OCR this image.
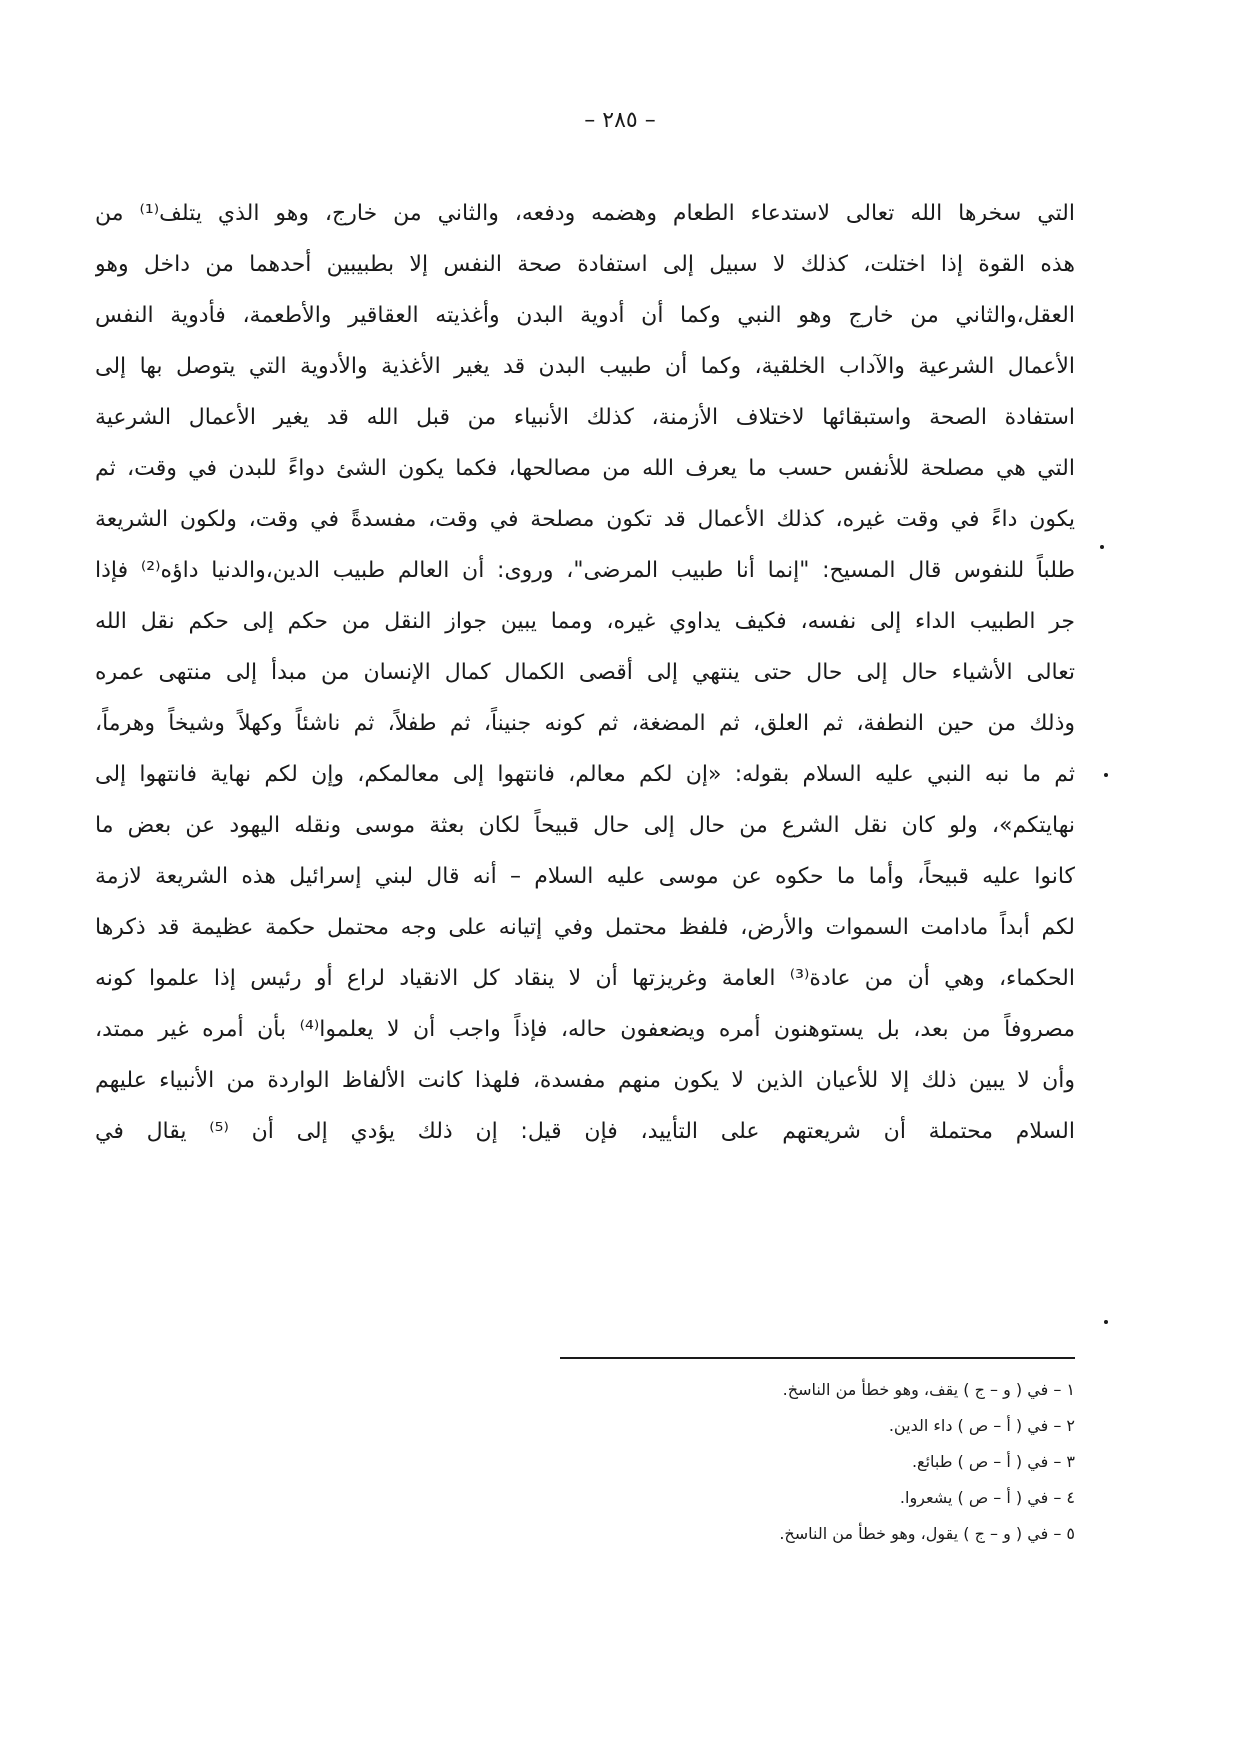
– ٢٨٥ –
التي سخرها الله تعالى لاستدعاء الطعام وهضمه ودفعه، والثاني من خارج، وهو الذي يتلف⁽¹⁾ من
هذه القوة إذا اختلت، كذلك لا سبيل إلى استفادة صحة النفس إلا بطبيبين أحدهما من داخل وهو
العقل،والثاني من خارج وهو النبي وكما أن أدوية البدن وأغذيته العقاقير والأطعمة، فأدوية النفس
الأعمال الشرعية والآداب الخلقية، وكما أن طبيب البدن قد يغير الأغذية والأدوية التي يتوصل بها إلى
استفادة الصحة واستبقائها لاختلاف الأزمنة، كذلك الأنبياء من قبل الله قد يغير الأعمال الشرعية
التي هي مصلحة للأنفس حسب ما يعرف الله من مصالحها، فكما يكون الشئ دواءً للبدن في وقت، ثم
يكون داءً في وقت غيره، كذلك الأعمال قد تكون مصلحة في وقت، مفسدةً في وقت، ولكون الشريعة
طلباً للنفوس قال المسيح: "إنما أنا طبيب المرضى"، وروى: أن العالم طبيب الدين،والدنيا داؤه⁽²⁾ فإذا
جر الطبيب الداء إلى نفسه، فكيف يداوي غيره، ومما يبين جواز النقل من حكم إلى حكم نقل الله
تعالى الأشياء حال إلى حال حتى ينتهي إلى أقصى الكمال كمال الإنسان من مبدأ إلى منتهى عمره
وذلك من حين النطفة، ثم العلق، ثم المضغة، ثم كونه جنيناً، ثم طفلاً، ثم ناشئاً وكهلاً وشيخاً وهرماً،
ثم ما نبه النبي عليه السلام بقوله: «إن لكم معالم، فانتهوا إلى معالمكم، وإن لكم نهاية فانتهوا إلى
نهايتكم»، ولو كان نقل الشرع من حال إلى حال قبيحاً لكان بعثة موسى ونقله اليهود عن بعض ما
كانوا عليه قبيحاً، وأما ما حكوه عن موسى عليه السلام – أنه قال لبني إسرائيل هذه الشريعة لازمة
لكم أبداً مادامت السموات والأرض، فلفظ محتمل وفي إتيانه على وجه محتمل حكمة عظيمة قد ذكرها
الحكماء، وهي أن من عادة⁽³⁾ العامة وغريزتها أن لا ينقاد كل الانقياد لراع أو رئيس إذا علموا كونه
مصروفاً من بعد، بل يستوهنون أمره ويضعفون حاله، فإذاً واجب أن لا يعلموا⁽⁴⁾ بأن أمره غير ممتد،
وأن لا يبين ذلك إلا للأعيان الذين لا يكون منهم مفسدة، فلهذا كانت الألفاظ الواردة من الأنبياء عليهم
السلام محتملة أن شريعتهم على التأييد، فإن قيل: إن ذلك يؤدي إلى أن ⁽⁵⁾ يقال في
١ – في ( و – ج ) يقف، وهو خطأ من الناسخ.
٢ – في ( أ – ص ) داء الدين.
٣ – في ( أ – ص ) طبائع.
٤ – في ( أ – ص ) يشعروا.
٥ – في ( و – ج ) يقول، وهو خطأ من الناسخ.
